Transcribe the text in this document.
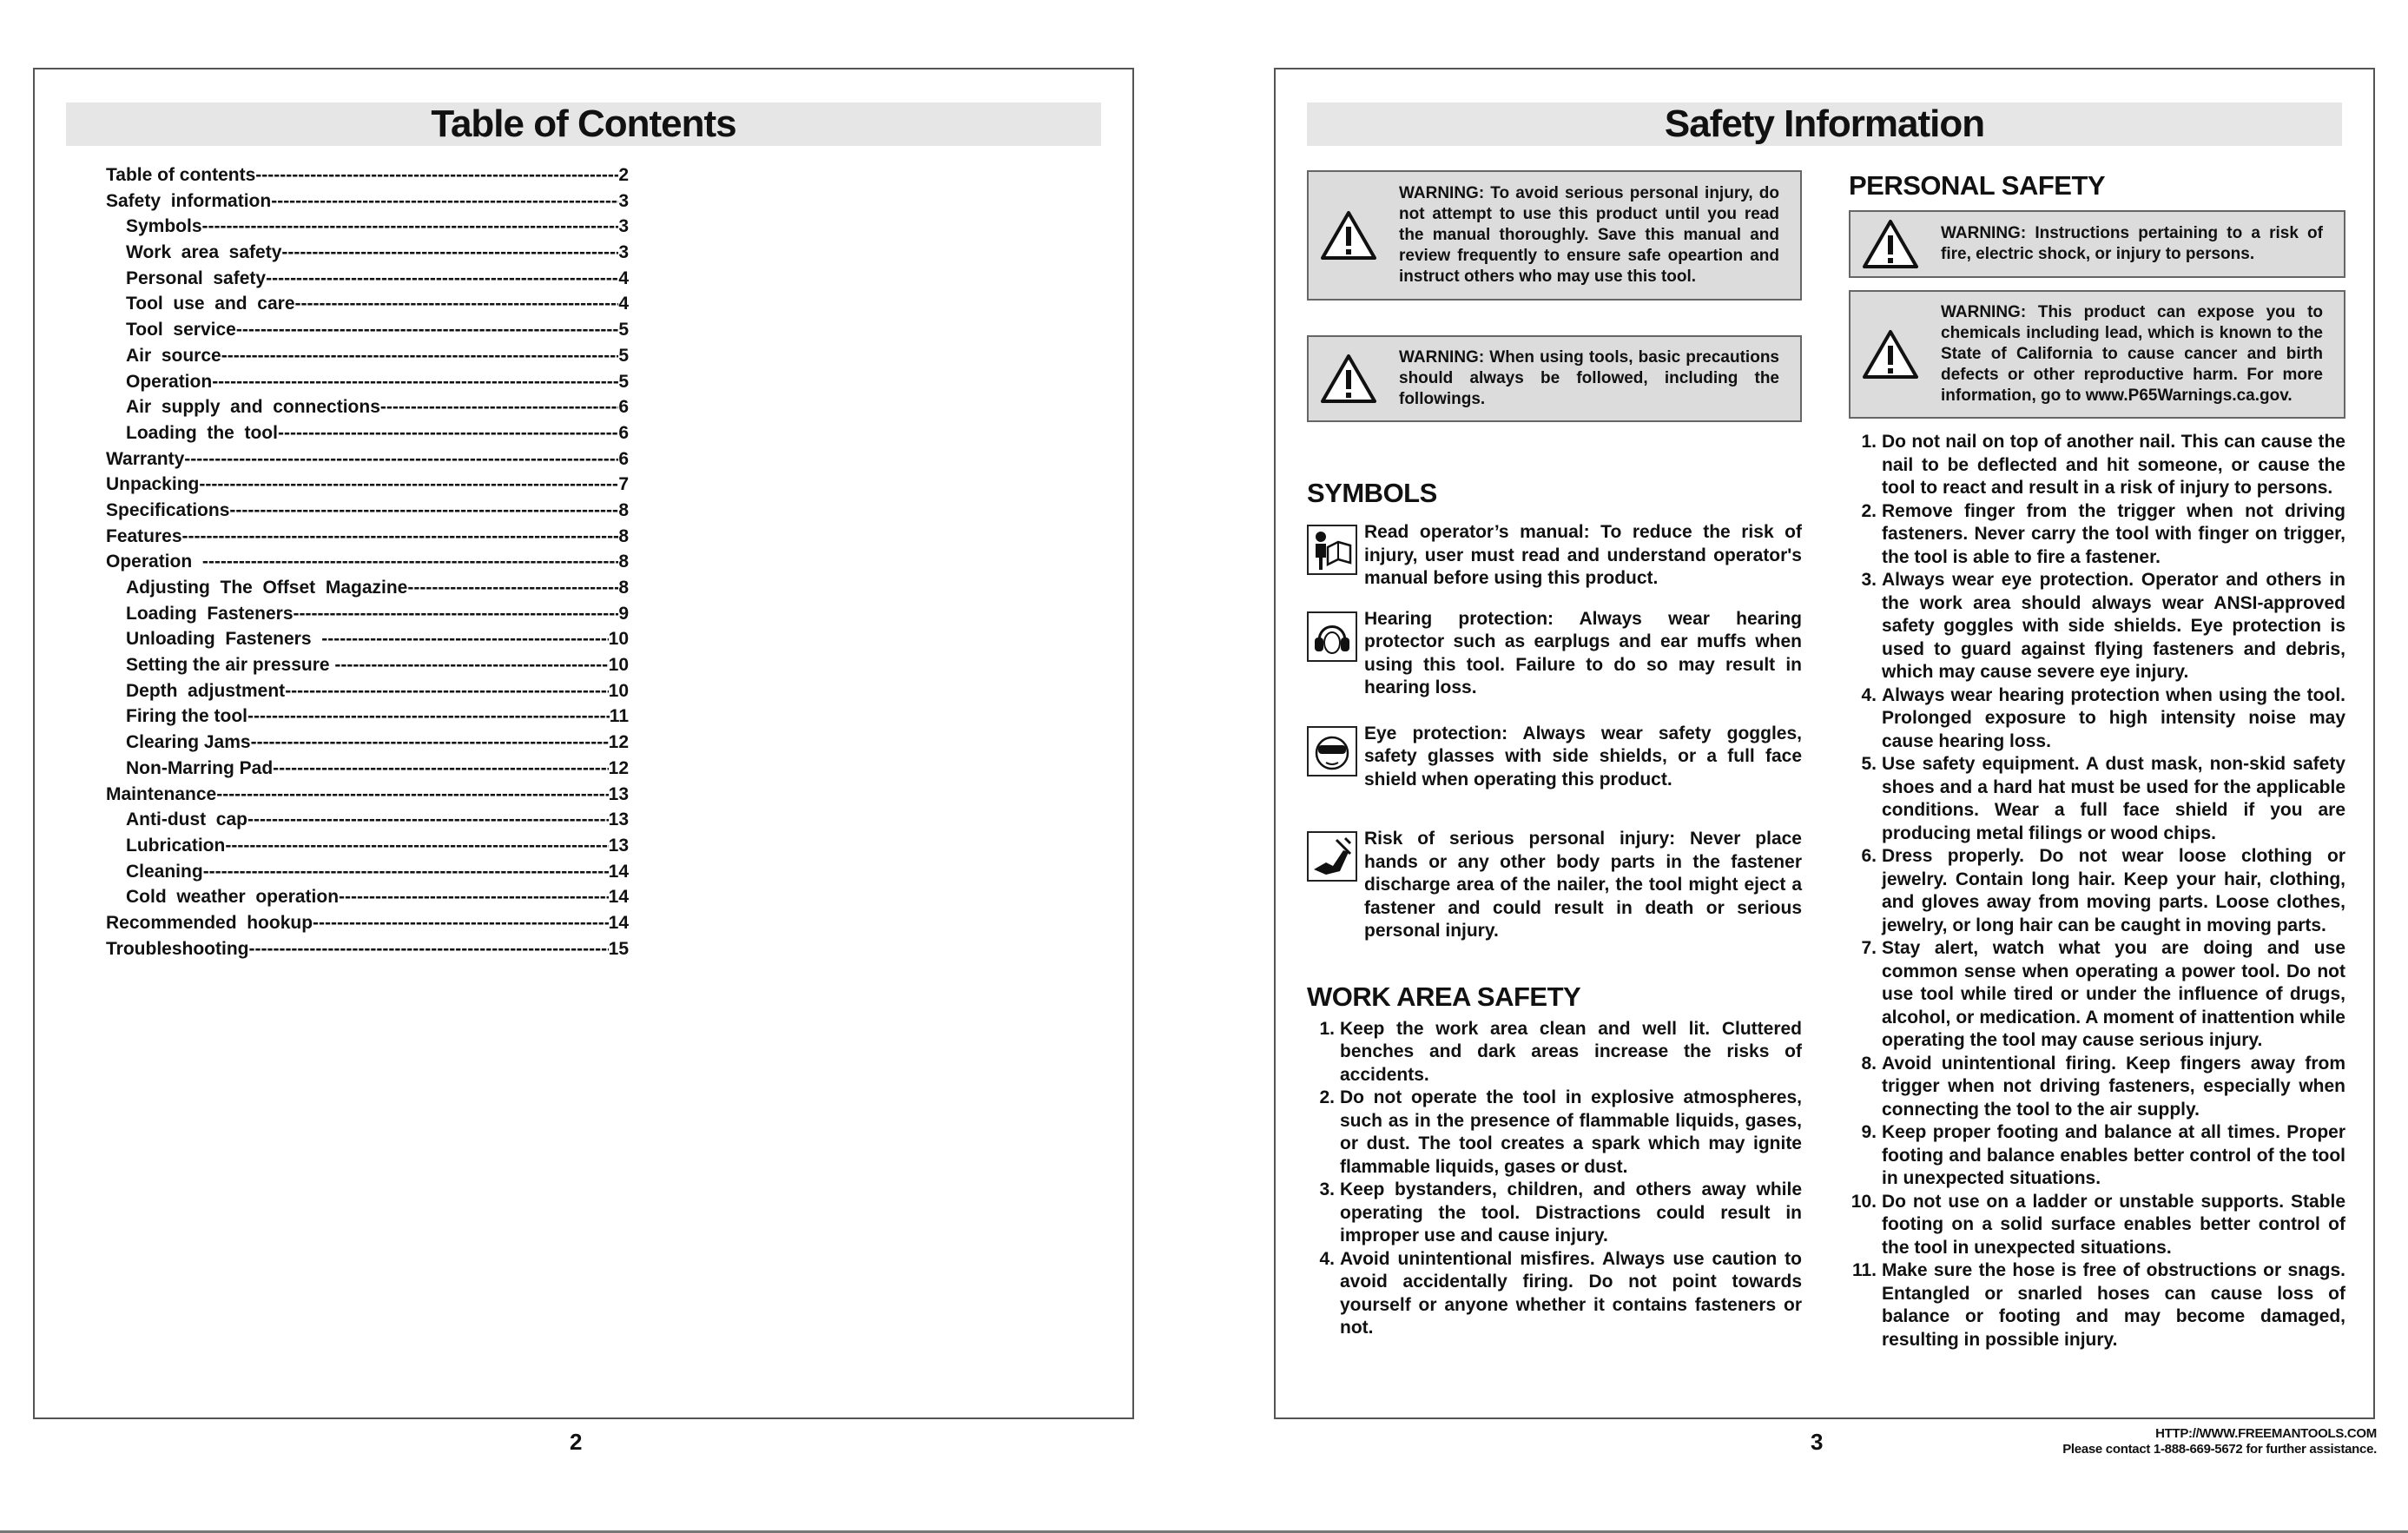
Table of Contents
Table of contents -----	2
Safety  information -----	3
Symbols -----	3
Work  area  safety -----	3
Personal  safety -----	4
Tool  use  and  care -----	4
Tool  service -----	5
Air  source -----	5
Operation -----	5
Air  supply  and  connections -----	6
Loading  the  tool -----	6
Warranty -----	6
Unpacking -----	7
Specifications -----	8
Features -----	8
Operation -----	8
Adjusting  The  Offset  Magazine -----	8
Loading  Fasteners -----	9
Unloading  Fasteners -----	10
Setting the air pressure -----	10
Depth  adjustment -----	10
Firing the tool -----	11
Clearing Jams -----	12
Non-Marring Pad -----	12
Maintenance -----	13
Anti-dust  cap -----	13
Lubrication -----	13
Cleaning -----	14
Cold  weather  operation -----	14
Recommended  hookup -----	14
Troubleshooting -----	15
2
Safety Information
WARNING: To avoid serious personal injury, do not attempt to use this product until you read the manual thoroughly. Save this manual and review frequently to ensure safe opeartion and instruct others who may use this tool.
WARNING: When using tools, basic precautions should always be followed, including the followings.
SYMBOLS
Read operator’s manual: To reduce the risk of injury, user must read and understand operator's manual before using this product.
Hearing protection: Always wear hearing protector such as earplugs and ear muffs when using this tool. Failure to do so may result in hearing loss.
Eye protection: Always wear safety goggles, safety glasses with side shields, or a full face shield when operating this product.
Risk of serious personal injury: Never place hands or any other body parts in the fastener discharge area of the nailer, the tool might eject a fastener and could result in death or serious personal injury.
WORK AREA SAFETY
1. Keep the work area clean and well lit. Cluttered benches and dark areas increase the risks of accidents.
2. Do not operate the tool in explosive atmospheres, such as in the presence of flammable liquids, gases, or dust. The tool creates a spark which may ignite flammable liquids, gases or dust.
3. Keep bystanders, children, and others away while operating the tool. Distractions could result in improper use and cause injury.
4. Avoid unintentional misfires. Always use caution to avoid accidentally firing. Do not point towards yourself or anyone whether it contains fasteners or not.
PERSONAL SAFETY
WARNING: Instructions pertaining to a risk of fire, electric shock, or injury to persons.
WARNING: This product can expose you to chemicals including lead, which is known to the State of California to cause cancer and birth defects or other reproductive harm. For more information, go to www.P65Warnings.ca.gov.
1. Do not nail on top of another nail. This can cause the nail to be deflected and hit someone, or cause the tool to react and result in a risk of injury to persons.
2. Remove finger from the trigger when not driving fasteners. Never carry the tool with finger on trigger, the tool is able to fire a fastener.
3. Always wear eye protection. Operator and others in the work area should always wear ANSI-approved safety goggles with side shields. Eye protection is used to guard against flying fasteners and debris, which may cause severe eye injury.
4. Always wear hearing protection when using the tool. Prolonged exposure to high intensity noise may cause hearing loss.
5. Use safety equipment. A dust mask, non-skid safety shoes and a hard hat must be used for the applicable conditions. Wear a full face shield if you are producing metal filings or wood chips.
6. Dress properly. Do not wear loose clothing or jewelry. Contain long hair. Keep your hair, clothing, and gloves away from moving parts. Loose clothes, jewelry, or long hair can be caught in moving parts.
7. Stay alert, watch what you are doing and use common sense when operating a power tool. Do not use tool while tired or under the influence of drugs, alcohol, or medication. A moment of inattention while operating the tool may cause serious injury.
8. Avoid unintentional firing. Keep fingers away from trigger when not driving fasteners, especially when connecting the tool to the air supply.
9. Keep proper footing and balance at all times. Proper footing and balance enables better control of the tool in unexpected situations.
10. Do not use on a ladder or unstable supports. Stable footing on a solid surface enables better control of the tool in unexpected situations.
11. Make sure the hose is free of obstructions or snags. Entangled or snarled hoses can cause loss of balance or footing and may become damaged, resulting in possible injury.
3	HTTP://WWW.FREEMANTOOLS.COM
Please contact 1-888-669-5672 for further assistance.
